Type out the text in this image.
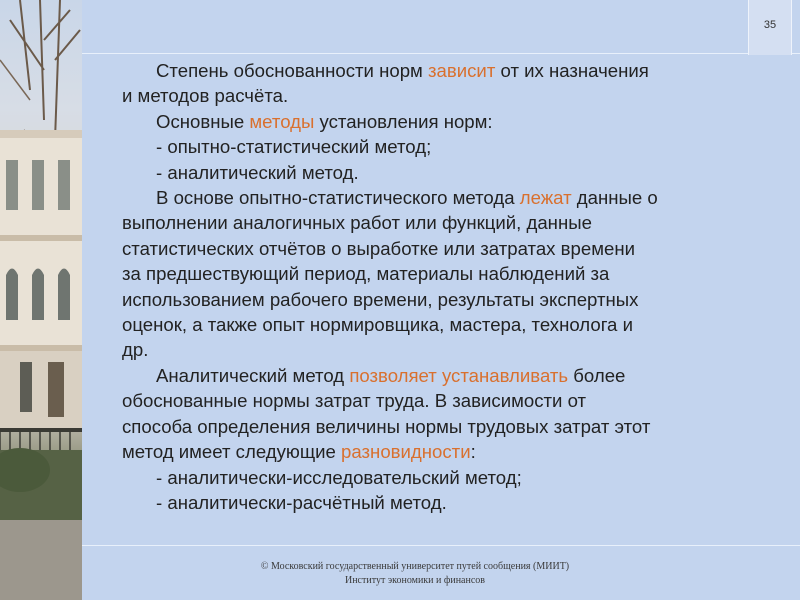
35

Степень обоснованности норм зависит от их назначения

и методов расчёта.

Основные методы установления норм:

- опытно-статистический метод;

- аналитический метод.

В основе опытно-статистического метода лежат данные о

выполнении аналогичных работ или функций, данные

статистических отчётов о выработке или затратах времени

за предшествующий период, материалы наблюдений за

использованием рабочего времени, результаты экспертных

оценок, а также опыт нормировщика, мастера, технолога и

др.

Аналитический метод позволяет устанавливать более

обоснованные нормы затрат труда. В зависимости от

способа определения величины нормы трудовых затрат этот

метод имеет следующие разновидности:

- аналитически-исследовательский метод;

- аналитически-расчётный метод.

© Московский государственный университет путей сообщения (МИИТ)
Институт экономики и финансов
